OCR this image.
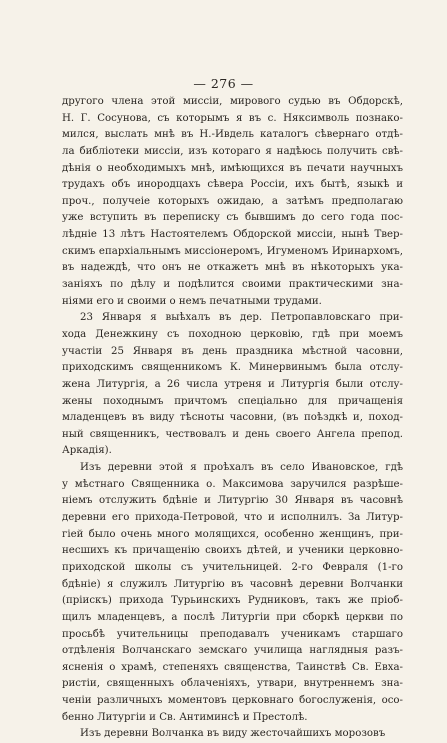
— 276 —
другого члена этой миссіи, мирового судью въ Обдорскѣ,
Н. Г. Сосунова, съ которымъ я въ с. Няксимволь познако-
мился, выслать мнѣ въ Н.-Ивдель каталогъ сѣвернаго отдѣ-
ла библіотеки миссіи, изъ котораго я надѣюсь получить свѣ-
дѣнія о необходимыхъ мнѣ, имѣющихся въ печати научныхъ
трудахъ объ инородцахъ сѣвера Россіи, ихъ бытѣ, языкѣ и
проч., получеіе которыхъ ожидаю, а затѣмъ предполагаю
уже вступить въ переписку съ бывшимъ до сего года пос-
лѣдніе 13 лѣтъ Настоятелемъ Обдорской миссіи, нынѣ Твер-
скимъ епархіальнымъ миссіонеромъ, Игуменомъ Иринархомъ,
въ надеждѣ, что онъ не откажетъ мнѣ въ нѣкоторыхъ ука-
заніяхъ по дѣлу и подѣлится своими практическими зна-
ніями его и своими о немъ печатными трудами.
23 Января я выѣхалъ въ дер. Петропавловскаго при-
хода Денежкину съ походною церковію, гдѣ при моемъ
участіи 25 Января въ день праздника мѣстной часовни,
приходскимъ священникомъ К. Минервинымъ была отслу-
жена Литургія, а 26 числа утреня и Литургія были отслу-
жены походнымъ причтомъ спеціально для причащенія
младенцевъ въ виду тѣсноты часовни, (въ поѣздкѣ и, поход-
ный священникъ, чествовалъ и день своего Ангела препод.
Аркадія).
Изъ деревни этой я проѣхалъ въ село Ивановское, гдѣ
у мѣстнаго Священника о. Максимова заручился разрѣше-
ніемъ отслужить бдѣніе и Литургію 30 Января въ часовнѣ
деревни его прихода-Петровой, что и исполнилъ. За Литур-
гіей было очень много молящихся, особенно женщинъ, при-
несшихъ къ причащенію своихъ дѣтей, и ученики церковно-
приходской школы съ учительницей. 2-го Февраля (1-го
бдѣніе) я служилъ Литургію въ часовнѣ деревни Волчанки
(пріискъ) прихода Турьинскихъ Рудниковъ, такъ же пріоб-
щилъ младенцевъ, а послѣ Литургіи при сборкѣ церкви по
просьбѣ учительницы преподавалъ ученикамъ старшаго
отдѣленія Волчанскаго земскаго училища наглядныя разъ-
ясненія о храмѣ, степеняхъ священства, Таинствѣ Св. Евха-
ристіи, священныхъ облаченіяхъ, утвари, внутреннемъ зна-
ченіи различныхъ моментовъ церковнаго богослуженія, осо-
бенно Литургіи и Св. Антиминсѣ и Престолѣ.
Изъ деревни Волчанка въ виду жесточайшихъ морозовъ
